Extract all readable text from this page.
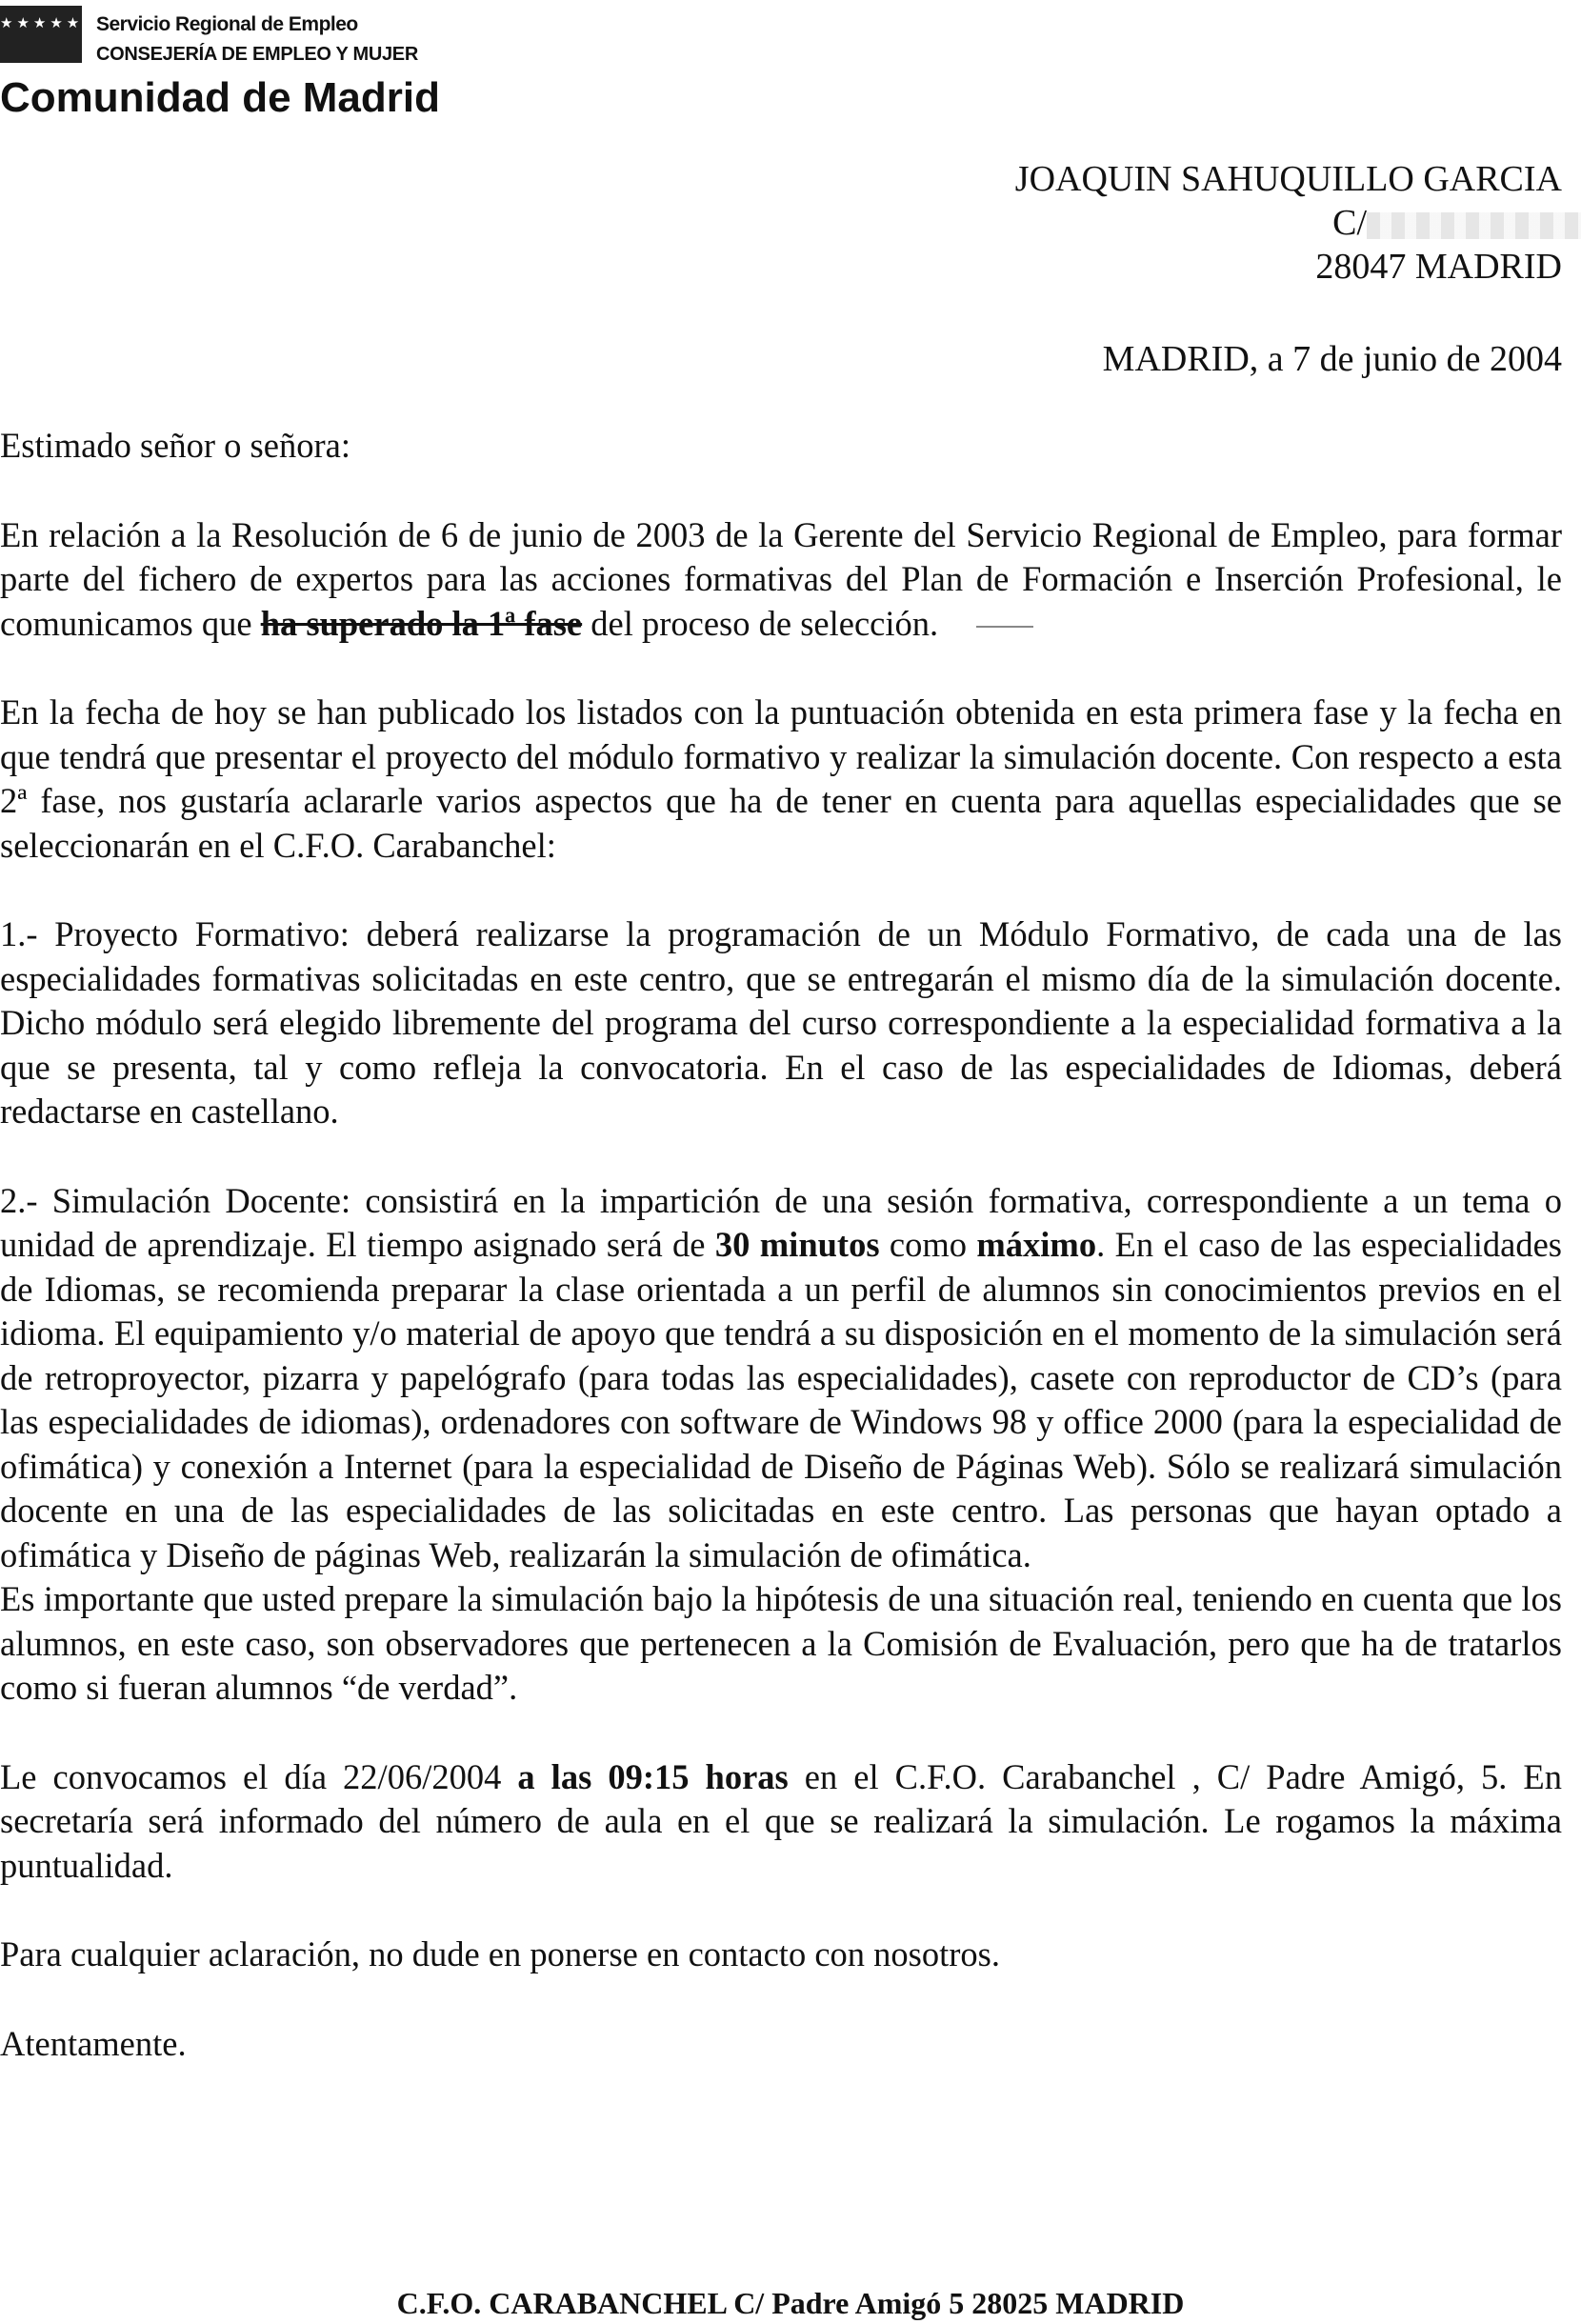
★★★★★★★
Servicio Regional de Empleo
CONSEJERÍA DE EMPLEO Y MUJER
Comunidad de Madrid
JOAQUIN SAHUQUILLO GARCIA
C/
28047 MADRID
MADRID, a 7 de junio de 2004

Estimado señor o señora:

En relación a la Resolución de 6 de junio de 2003 de la Gerente del Servicio Regional de Empleo, para formar parte del fichero de expertos para las acciones formativas del Plan de Formación e Inserción Profesional, le comunicamos que ha superado la 1ª fase del proceso de selección.

En la fecha de hoy se han publicado los listados con la puntuación obtenida en esta primera fase y la fecha en que tendrá que presentar el proyecto del módulo formativo y realizar la simulación docente. Con respecto a esta 2ª fase, nos gustaría aclararle varios aspectos que ha de tener en cuenta para aquellas especialidades que se seleccionarán en el C.F.O. Carabanchel:

1.- Proyecto Formativo: deberá realizarse la programación de un Módulo Formativo, de cada una de las especialidades formativas solicitadas en este centro, que se entregarán el mismo día de la simulación docente. Dicho módulo será elegido libremente del programa del curso correspondiente a la especialidad formativa a la que se presenta, tal y como refleja la convocatoria. En el caso de las especialidades de Idiomas, deberá redactarse en castellano.

2.- Simulación Docente: consistirá en la impartición de una sesión formativa, correspondiente a un tema o unidad de aprendizaje. El tiempo asignado será de 30 minutos como máximo. En el caso de las especialidades de Idiomas, se recomienda preparar la clase orientada a un perfil de alumnos sin conocimientos previos en el idioma. El equipamiento y/o material de apoyo que tendrá a su disposición en el momento de la simulación será de retroproyector, pizarra y papelógrafo (para todas las especialidades), casete con reproductor de CD’s (para las especialidades de idiomas), ordenadores con software de Windows 98 y office 2000 (para la especialidad de ofimática) y conexión a Internet (para la especialidad de Diseño de Páginas Web). Sólo se realizará simulación docente en una de las especialidades de las solicitadas en este centro. Las personas que hayan optado a ofimática y Diseño de páginas Web, realizarán la simulación de ofimática.

Es importante que usted prepare la simulación bajo la hipótesis de una situación real, teniendo en cuenta que los alumnos, en este caso, son observadores que pertenecen a la Comisión de Evaluación, pero que ha de tratarlos como si fueran alumnos “de verdad”.

Le convocamos el día 22/06/2004 a las 09:15 horas en el C.F.O. Carabanchel , C/ Padre Amigó, 5. En secretaría será informado del número de aula en el que se realizará la simulación. Le rogamos la máxima puntualidad.

Para cualquier aclaración, no dude en ponerse en contacto con nosotros.

Atentamente.

C.F.O. CARABANCHEL C/ Padre Amigó 5 28025 MADRID
